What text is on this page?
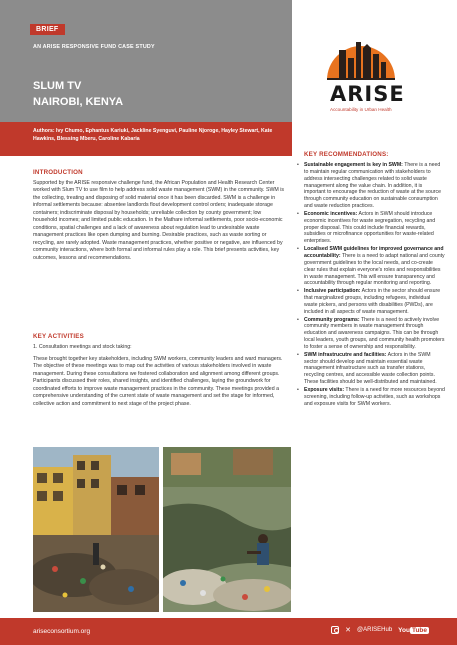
BRIEF
AN ARISE RESPONSIVE FUND CASE STUDY
SLUM TV
NAIROBI, KENYA

Authors: Ivy Chumo, Ephantus Kariuki, Jackline Syenguvi, Pauline Njoroge, Hayley Stewart, Kate Hawkins, Blessing Mberu, Caroline Kabaria

ARISE
Accountability in Urban Health
INTRODUCTION

Supported by the ARISE responsive challenge fund, the African Population and Health Research Center worked with Slum TV to use film to help address solid waste management (SWM) in the community. SWM is the collecting, treating and disposing of solid material once it has been discarded. SWM is a challenge in informal settlements because: absentee landlords flout development control orders; inadequate storage containers; indiscriminate disposal by households; unreliable collection by county government; low household incomes; and limited public education. In the Mathare informal settlements, poor socio-economic conditions, spatial challenges and a lack of awareness about regulation lead to undesirable waste management practices like open dumping and burning. Desirable practices, such as waste sorting or recycling, are rarely adopted. Waste management practices, whether positive or negative, are influenced by community interactions, where both formal and informal rules play a role. This brief presents activities, key outcomes, lessons and recommendations.

KEY ACTIVITIES
1. Consultation meetings and stock taking:

These brought together key stakeholders, including SWM workers, community leaders and ward managers. The objective of these meetings was to map out the activities of various stakeholders involved in waste management. During these consultations we fostered collaboration and alignment among different groups. Participants discussed their roles, shared insights, and identified challenges, laying the groundwork for coordinated efforts to improve waste management practices in the community. These meetings provided a comprehensive understanding of the current state of waste management and set the stage for informed, collective action and commitment to next stage of the project phase.

KEY RECOMMENDATIONS:
• Sustainable engagement is key in SWM: There is a need to maintain regular communication with stakeholders to address intersecting challenges related to solid waste management along the value chain. In addition, it is important to encourage the reduction of waste at the source through community education on sustainable consumption and waste reduction practices.
• Economic incentives: Actors in SWM should introduce economic incentives for waste segregation, recycling and proper disposal. This could include financial rewards, subsidies or microfinance opportunities for waste-related enterprises.
• Localised SWM guidelines for improved governance and accountability: There is a need to adapt national and county government guidelines to the local needs, and co-create clear rules that explain everyone's roles and responsibilities in waste management. This will ensure transparency and accountability through regular monitoring and reporting.
• Inclusive participation: Actors in the sector should ensure that marginalized groups, including refugees, individual waste pickers, and persons with disabilities (PWDs), are included in all aspects of waste management.
• Community programs: There is a need to actively involve community members in waste management through education and awareness campaigns. This can be through local leaders, youth groups, and community health promoters to foster a sense of ownership and responsibility.
• SWM infrastrucutre and facilities: Actors in the SWM sector should develop and maintain essential waste management infrastructure such as transfer stations, recycling centres, and accessible waste collection points. These facilities should be well-distributed and maintained.
• Exposure visits: There is a need for more resources beyond screening, including follow-up activities, such as workshops and exposure visits for SWM workers.
ariseconsortium.org	✕ @ARISEHub You Tube
